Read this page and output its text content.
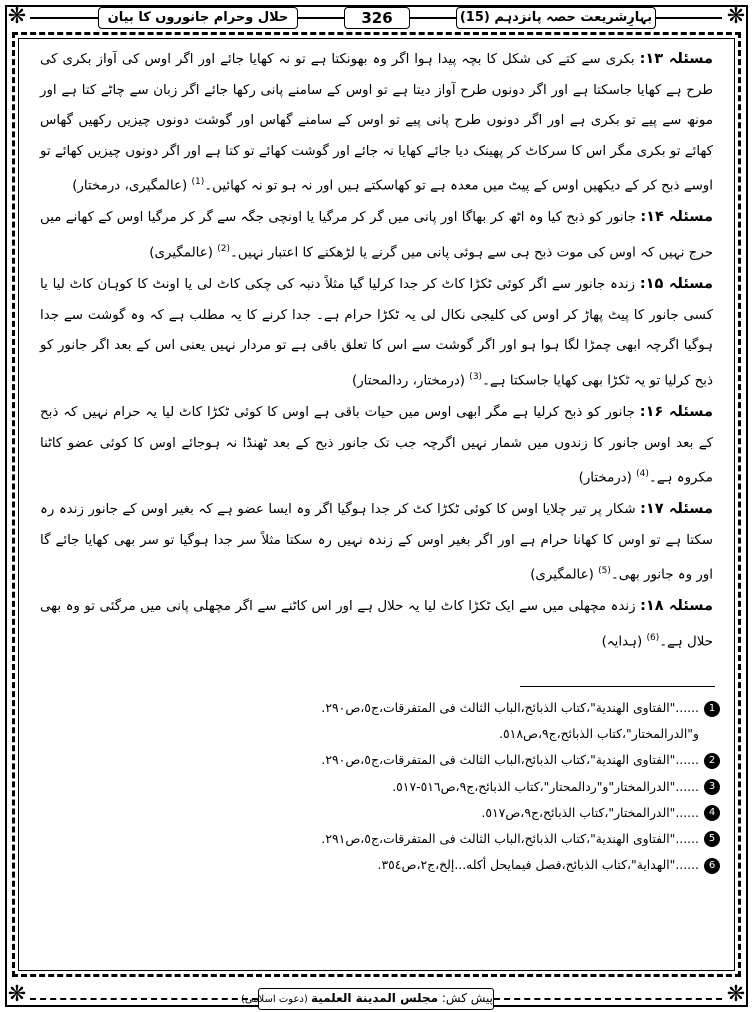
❋	❋
❋	❋
حلال وحرام جانوروں کا بیان	326	بہارِشریعت حصہ پانزدہم (15)

مسئلہ ۱۳: بکری سے کتے کی شکل کا بچہ پیدا ہوا اگر وہ بھونکتا ہے تو نہ کھایا جائے اور اگر اوس کی آواز بکری کی طرح ہے کھایا جاسکتا ہے اور اگر دونوں طرح آواز دیتا ہے تو اوس کے سامنے پانی رکھا جائے اگر زبان سے چاٹے کتا ہے اور مونھ سے پیے تو بکری ہے اور اگر دونوں طرح پانی پیے تو اوس کے سامنے گھاس اور گوشت دونوں چیزیں رکھیں گھاس کھائے تو بکری مگر اس کا سرکاٹ کر پھینک دیا جائے کھایا نہ جائے اور گوشت کھائے تو کتا ہے اور اگر دونوں چیزیں کھائے تو اوسے ذبح کر کے دیکھیں اوس کے پیٹ میں معدہ ہے تو کھاسکتے ہیں اور نہ ہو تو نہ کھائیں۔$^{(1)}$ (عالمگیری، درمختار)

مسئلہ ۱۴: جانور کو ذبح کیا وہ اٹھ کر بھاگا اور پانی میں گر کر مرگیا یا اونچی جگہ سے گر کر مرگیا اوس کے کھانے میں حرج نہیں کہ اوس کی موت ذبح ہی سے ہوئی پانی میں گرنے یا لڑھکنے کا اعتبار نہیں۔$^{(2)}$ (عالمگیری)

مسئلہ ۱۵: زندہ جانور سے اگر کوئی ٹکڑا کاٹ کر جدا کرلیا گیا مثلاً دنبہ کی چکی کاٹ لی یا اونٹ کا کوہان کاٹ لیا یا کسی جانور کا پیٹ پھاڑ کر اوس کی کلیجی نکال لی یہ ٹکڑا حرام ہے۔ جدا کرنے کا یہ مطلب ہے کہ وہ گوشت سے جدا ہوگیا اگرچہ ابھی چمڑا لگا ہوا ہو اور اگر گوشت سے اس کا تعلق باقی ہے تو مردار نہیں یعنی اس کے بعد اگر جانور کو ذبح کرلیا تو یہ ٹکڑا بھی کھایا جاسکتا ہے۔$^{(3)}$ (درمختار، ردالمحتار)

مسئلہ ۱۶: جانور کو ذبح کرلیا ہے مگر ابھی اوس میں حیات باقی ہے اوس کا کوئی ٹکڑا کاٹ لیا یہ حرام نہیں کہ ذبح کے بعد اوس جانور کا زندوں میں شمار نہیں اگرچہ جب تک جانور ذبح کے بعد ٹھنڈا نہ ہوجائے اوس کا کوئی عضو کاٹنا مکروہ ہے۔$^{(4)}$ (درمختار)

مسئلہ ۱۷: شکار پر تیر چلایا اوس کا کوئی ٹکڑا کٹ کر جدا ہوگیا اگر وہ ایسا عضو ہے کہ بغیر اوس کے جانور زندہ رہ سکتا ہے تو اوس کا کھانا حرام ہے اور اگر بغیر اوس کے زندہ نہیں رہ سکتا مثلاً سر جدا ہوگیا تو سر بھی کھایا جائے گا اور وہ جانور بھی۔$^{(5)}$ (عالمگیری)

مسئلہ ۱۸: زندہ مچھلی میں سے ایک ٹکڑا کاٹ لیا یہ حلال ہے اور اس کاٹنے سے اگر مچھلی پانی میں مرگئی تو وہ بھی حلال ہے۔$^{(6)}$ (ہدایہ)

1......"الفتاوی الهندية"،كتاب الذبائح،الباب الثالث فی المتفرقات،ج٥،ص٢٩٠.
و"الدرالمختار"،كتاب الذبائح،ج٩،ص٥١٨.
2......"الفتاوی الهندية"،كتاب الذبائح،الباب الثالث فی المتفرقات،ج٥،ص٢٩٠.
3......"الدرالمختار"و"ردالمحتار"،كتاب الذبائح،ج٩،ص٥١٦-٥١٧.
4......"الدرالمختار"،كتاب الذبائح،ج٩،ص٥١٧.
5......"الفتاوی الهندية"،كتاب الذبائح،الباب الثالث فی المتفرقات،ج٥،ص٢٩١.
6......"الهداية"،كتاب الذبائح،فصل فيمايحل أكله...إلخ،ج٢،ص٣٥٤.
پیش کش: مجلس المدينة العلمية (دعوت اسلامی)
